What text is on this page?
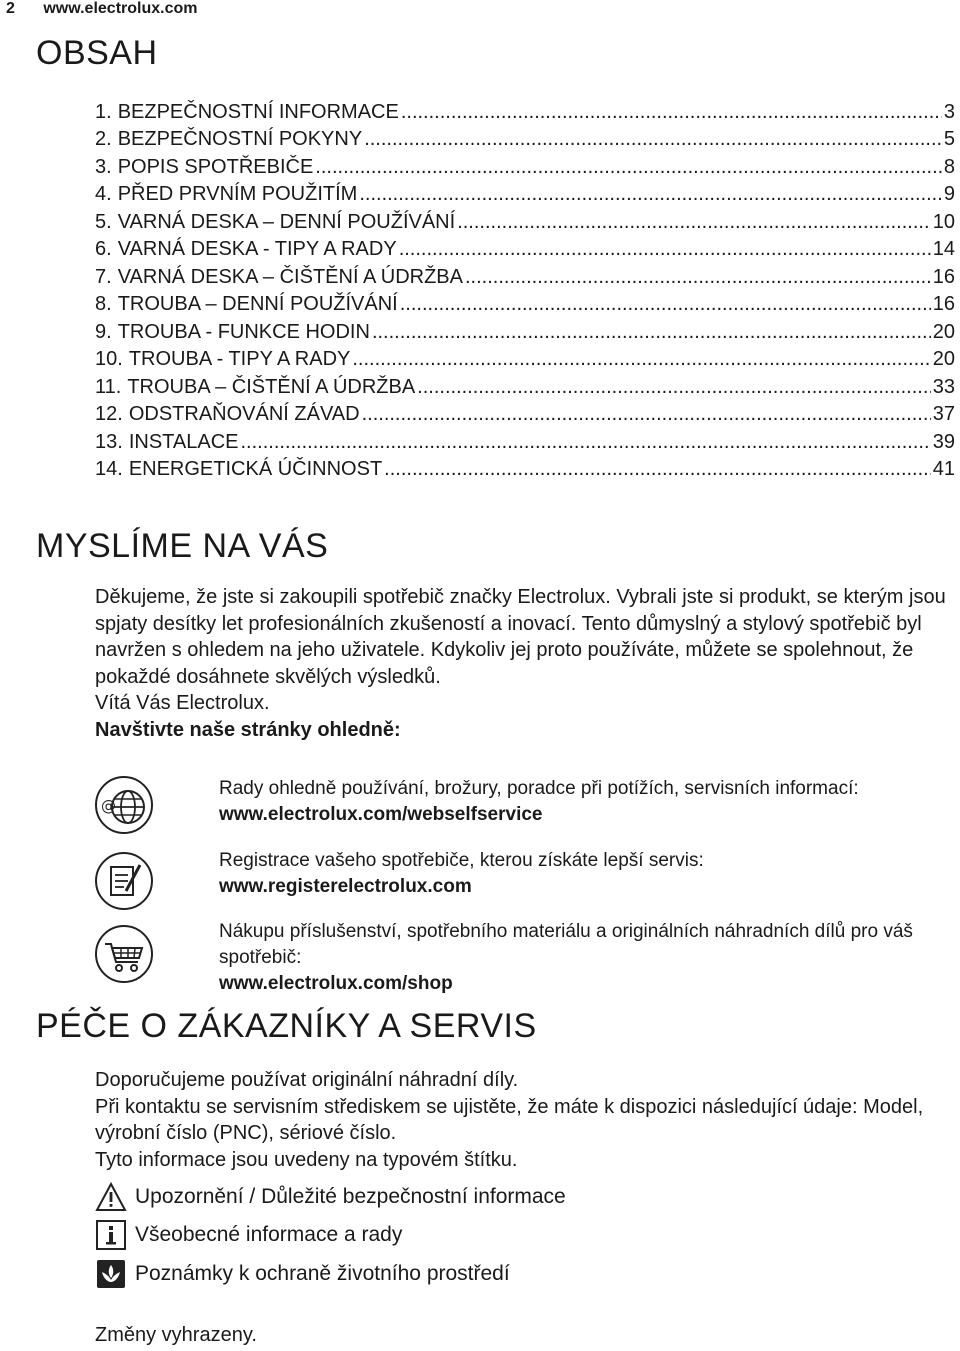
2 www.electrolux.com
OBSAH
1. BEZPEČNOSTNÍ INFORMACE .....	3
2. BEZPEČNOSTNÍ POKYNY .....	5
3. POPIS SPOTŘEBIČE .....	8
4. PŘED PRVNÍM POUŽITÍM .....	9
5. VARNÁ DESKA – DENNÍ POUŽÍVÁNÍ .....	10
6. VARNÁ DESKA - TIPY A RADY .....	14
7. VARNÁ DESKA – ČIŠTĚNÍ A ÚDRŽBA .....	16
8. TROUBA – DENNÍ POUŽÍVÁNÍ .....	16
9. TROUBA - FUNKCE HODIN .....	20
10. TROUBA - TIPY A RADY .....	20
11. TROUBA – ČIŠTĚNÍ A ÚDRŽBA .....	33
12. ODSTRAŇOVÁNÍ ZÁVAD .....	37
13. INSTALACE .....	39
14. ENERGETICKÁ ÚČINNOST .....	41
MYSLÍME NA VÁS

Děkujeme, že jste si zakoupili spotřebič značky Electrolux. Vybrali jste si produkt, se kterým jsou spjaty desítky let profesionálních zkušeností a inovací. Tento důmyslný a stylový spotřebič byl navržen s ohledem na jeho uživatele. Kdykoliv jej proto používáte, můžete se spolehnout, že pokaždé dosáhnete skvělých výsledků.
Vítá Vás Electrolux.
Navštivte naše stránky ohledně:

@
Rady ohledně používání, brožury, poradce při potížích, servisních informací:
www.electrolux.com/webselfservice
Registrace vašeho spotřebiče, kterou získáte lepší servis:
www.registerelectrolux.com
Nákupu příslušenství, spotřebního materiálu a originálních náhradních dílů pro váš spotřebič:
www.electrolux.com/shop
PÉČE O ZÁKAZNÍKY A SERVIS

Doporučujeme používat originální náhradní díly.
Při kontaktu se servisním střediskem se ujistěte, že máte k dispozici následující údaje: Model, výrobní číslo (PNC), sériové číslo.
Tyto informace jsou uvedeny na typovém štítku.

Upozornění / Důležité bezpečnostní informace
Všeobecné informace a rady
Poznámky k ochraně životního prostředí
Změny vyhrazeny.
